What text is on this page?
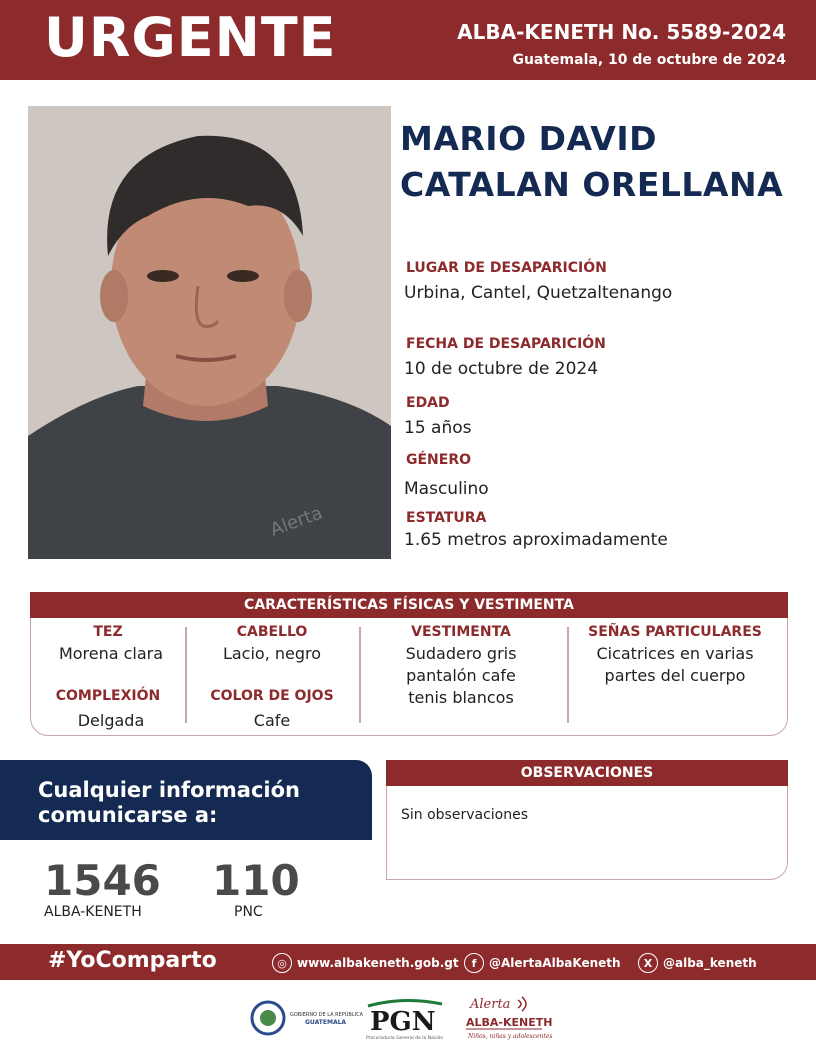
URGENTE	ALBA-KENETH No. 5589-2024
Guatemala, 10 de octubre de 2024
Alerta
MARIO DAVID
CATALAN ORELLANA
LUGAR DE DESAPARICIÓN
Urbina, Cantel, Quetzaltenango
FECHA DE DESAPARICIÓN
10 de octubre de 2024
EDAD
15 años
GÉNERO
Masculino
ESTATURA
1.65 metros aproximadamente
CARACTERÍSTICAS FÍSICAS Y VESTIMENTA
TEZ
Morena clara
COMPLEXIÓN
Delgada
CABELLO
Lacio, negro
COLOR DE OJOS
Cafe
VESTIMENTA
Sudadero gris
pantalón cafe
tenis blancos
SEÑAS PARTICULARES
Cicatrices en varias
partes del cuerpo
Cualquier información
comunicarse a:
1546
ALBA-KENETH
110
PNC
OBSERVACIONES
Sin observaciones
#YoComparto	◎ www.albakeneth.gob.gt	f	@AlertaAlbaKeneth	X @alba_keneth
GOBIERNO DE LA REPÚBLICA
GUATEMALA PGN
Procuraduría General de la Nación
Alerta
ALBA-KENETH
Niños, niñas y adolescentes
